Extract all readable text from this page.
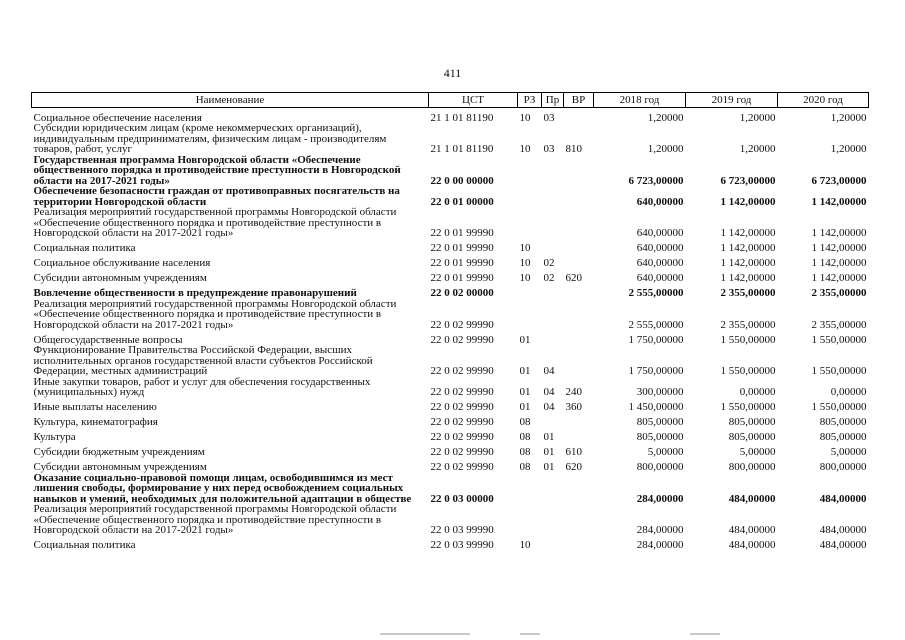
411
Наименование	ЦСТ	РЗ	Пр	ВР	2018 год	2019 год	2020 год
Социальное обеспечение населения	21 1 01 81190	10	03		1,20000	1,20000	1,20000
Субсидии юридическим лицам (кроме некоммерческих организаций), индивидуальным предпринимателям, физическим лицам - производителям товаров, работ, услуг	21 1 01 81190	10	03	810	1,20000	1,20000	1,20000
Государственная программа Новгородской области «Обеспечение общественного порядка и противодействие преступности в Новгородской области на 2017-2021 годы»	22 0 00 00000				6 723,00000	6 723,00000	6 723,00000
Обеспечение безопасности граждан от противоправных посягательств на территории Новгородской области	22 0 01 00000				640,00000	1 142,00000	1 142,00000
Реализация мероприятий государственной программы Новгородской области «Обеспечение общественного порядка и противодействие преступности в Новгородской области на 2017-2021 годы»	22 0 01 99990				640,00000	1 142,00000	1 142,00000
Социальная политика	22 0 01 99990	10			640,00000	1 142,00000	1 142,00000
Социальное обслуживание населения	22 0 01 99990	10	02		640,00000	1 142,00000	1 142,00000
Субсидии автономным учреждениям	22 0 01 99990	10	02	620	640,00000	1 142,00000	1 142,00000
Вовлечение общественности в предупреждение правонарушений	22 0 02 00000				2 555,00000	2 355,00000	2 355,00000
Реализация мероприятий государственной программы Новгородской области «Обеспечение общественного порядка и противодействие преступности в Новгородской области на 2017-2021 годы»	22 0 02 99990				2 555,00000	2 355,00000	2 355,00000
Общегосударственные вопросы	22 0 02 99990	01			1 750,00000	1 550,00000	1 550,00000
Функционирование Правительства Российской Федерации, высших исполнительных органов государственной власти субъектов Российской Федерации, местных администраций	22 0 02 99990	01	04		1 750,00000	1 550,00000	1 550,00000
Иные закупки товаров, работ и услуг для обеспечения государственных (муниципальных) нужд	22 0 02 99990	01	04	240	300,00000	0,00000	0,00000
Иные выплаты населению	22 0 02 99990	01	04	360	1 450,00000	1 550,00000	1 550,00000
Культура, кинематография	22 0 02 99990	08			805,00000	805,00000	805,00000
Культура	22 0 02 99990	08	01		805,00000	805,00000	805,00000
Субсидии бюджетным учреждениям	22 0 02 99990	08	01	610	5,00000	5,00000	5,00000
Субсидии автономным учреждениям	22 0 02 99990	08	01	620	800,00000	800,00000	800,00000
Оказание социально-правовой помощи лицам, освободившимся из мест лишения свободы, формирование у них перед освобождением социальных навыков и умений, необходимых для положительной адаптации в обществе	22 0 03 00000				284,00000	484,00000	484,00000
Реализация мероприятий государственной программы Новгородской области «Обеспечение общественного порядка и противодействие преступности в Новгородской области на 2017-2021 годы»	22 0 03 99990				284,00000	484,00000	484,00000
Социальная политика	22 0 03 99990	10			284,00000	484,00000	484,00000
